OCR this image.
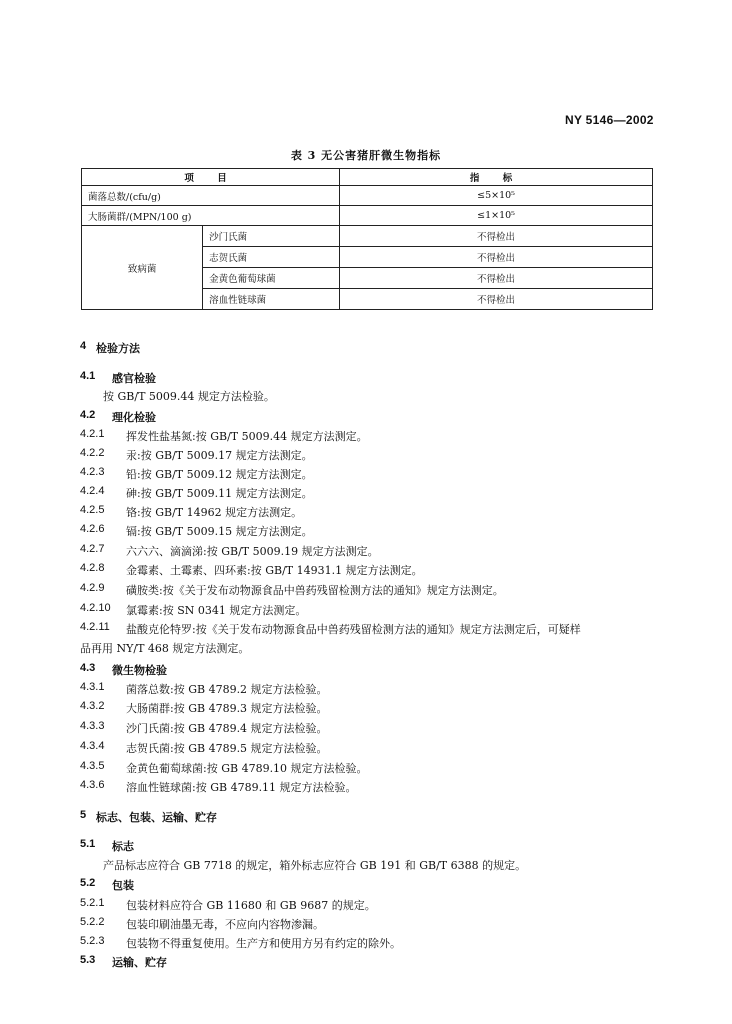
NY 5146—2002
表 3 无公害猪肝微生物指标
项 目		指 标
菌落总数/(cfu/g)		≤5×10⁵
大肠菌群/(MPN/100 g)		≤1×10⁵
致病菌	沙门氏菌	不得检出
	志贺氏菌	不得检出
	金黄色葡萄球菌	不得检出
	溶血性链球菌	不得检出
4 检验方法
4.1 感官检验
按 GB/T 5009.44 规定方法检验。
4.2 理化检验
4.2.1 挥发性盐基氮:按 GB/T 5009.44 规定方法测定。
4.2.2 汞:按 GB/T 5009.17 规定方法测定。
4.2.3 铅:按 GB/T 5009.12 规定方法测定。
4.2.4 砷:按 GB/T 5009.11 规定方法测定。
4.2.5 铬:按 GB/T 14962 规定方法测定。
4.2.6 镉:按 GB/T 5009.15 规定方法测定。
4.2.7 六六六、滴滴涕:按 GB/T 5009.19 规定方法测定。
4.2.8 金霉素、土霉素、四环素:按 GB/T 14931.1 规定方法测定。
4.2.9 磺胺类:按《关于发布动物源食品中兽药残留检测方法的通知》规定方法测定。
4.2.10 氯霉素:按 SN 0341 规定方法测定。
4.2.11 盐酸克伦特罗:按《关于发布动物源食品中兽药残留检测方法的通知》规定方法测定后，可疑样
品再用 NY/T 468 规定方法测定。
4.3 微生物检验
4.3.1 菌落总数:按 GB 4789.2 规定方法检验。
4.3.2 大肠菌群:按 GB 4789.3 规定方法检验。
4.3.3 沙门氏菌:按 GB 4789.4 规定方法检验。
4.3.4 志贺氏菌:按 GB 4789.5 规定方法检验。
4.3.5 金黄色葡萄球菌:按 GB 4789.10 规定方法检验。
4.3.6 溶血性链球菌:按 GB 4789.11 规定方法检验。
5 标志、包装、运输、贮存
5.1 标志
产品标志应符合 GB 7718 的规定，箱外标志应符合 GB 191 和 GB/T 6388 的规定。
5.2 包装
5.2.1 包装材料应符合 GB 11680 和 GB 9687 的规定。
5.2.2 包装印刷油墨无毒，不应向内容物渗漏。
5.2.3 包装物不得重复使用。生产方和使用方另有约定的除外。
5.3 运输、贮存
